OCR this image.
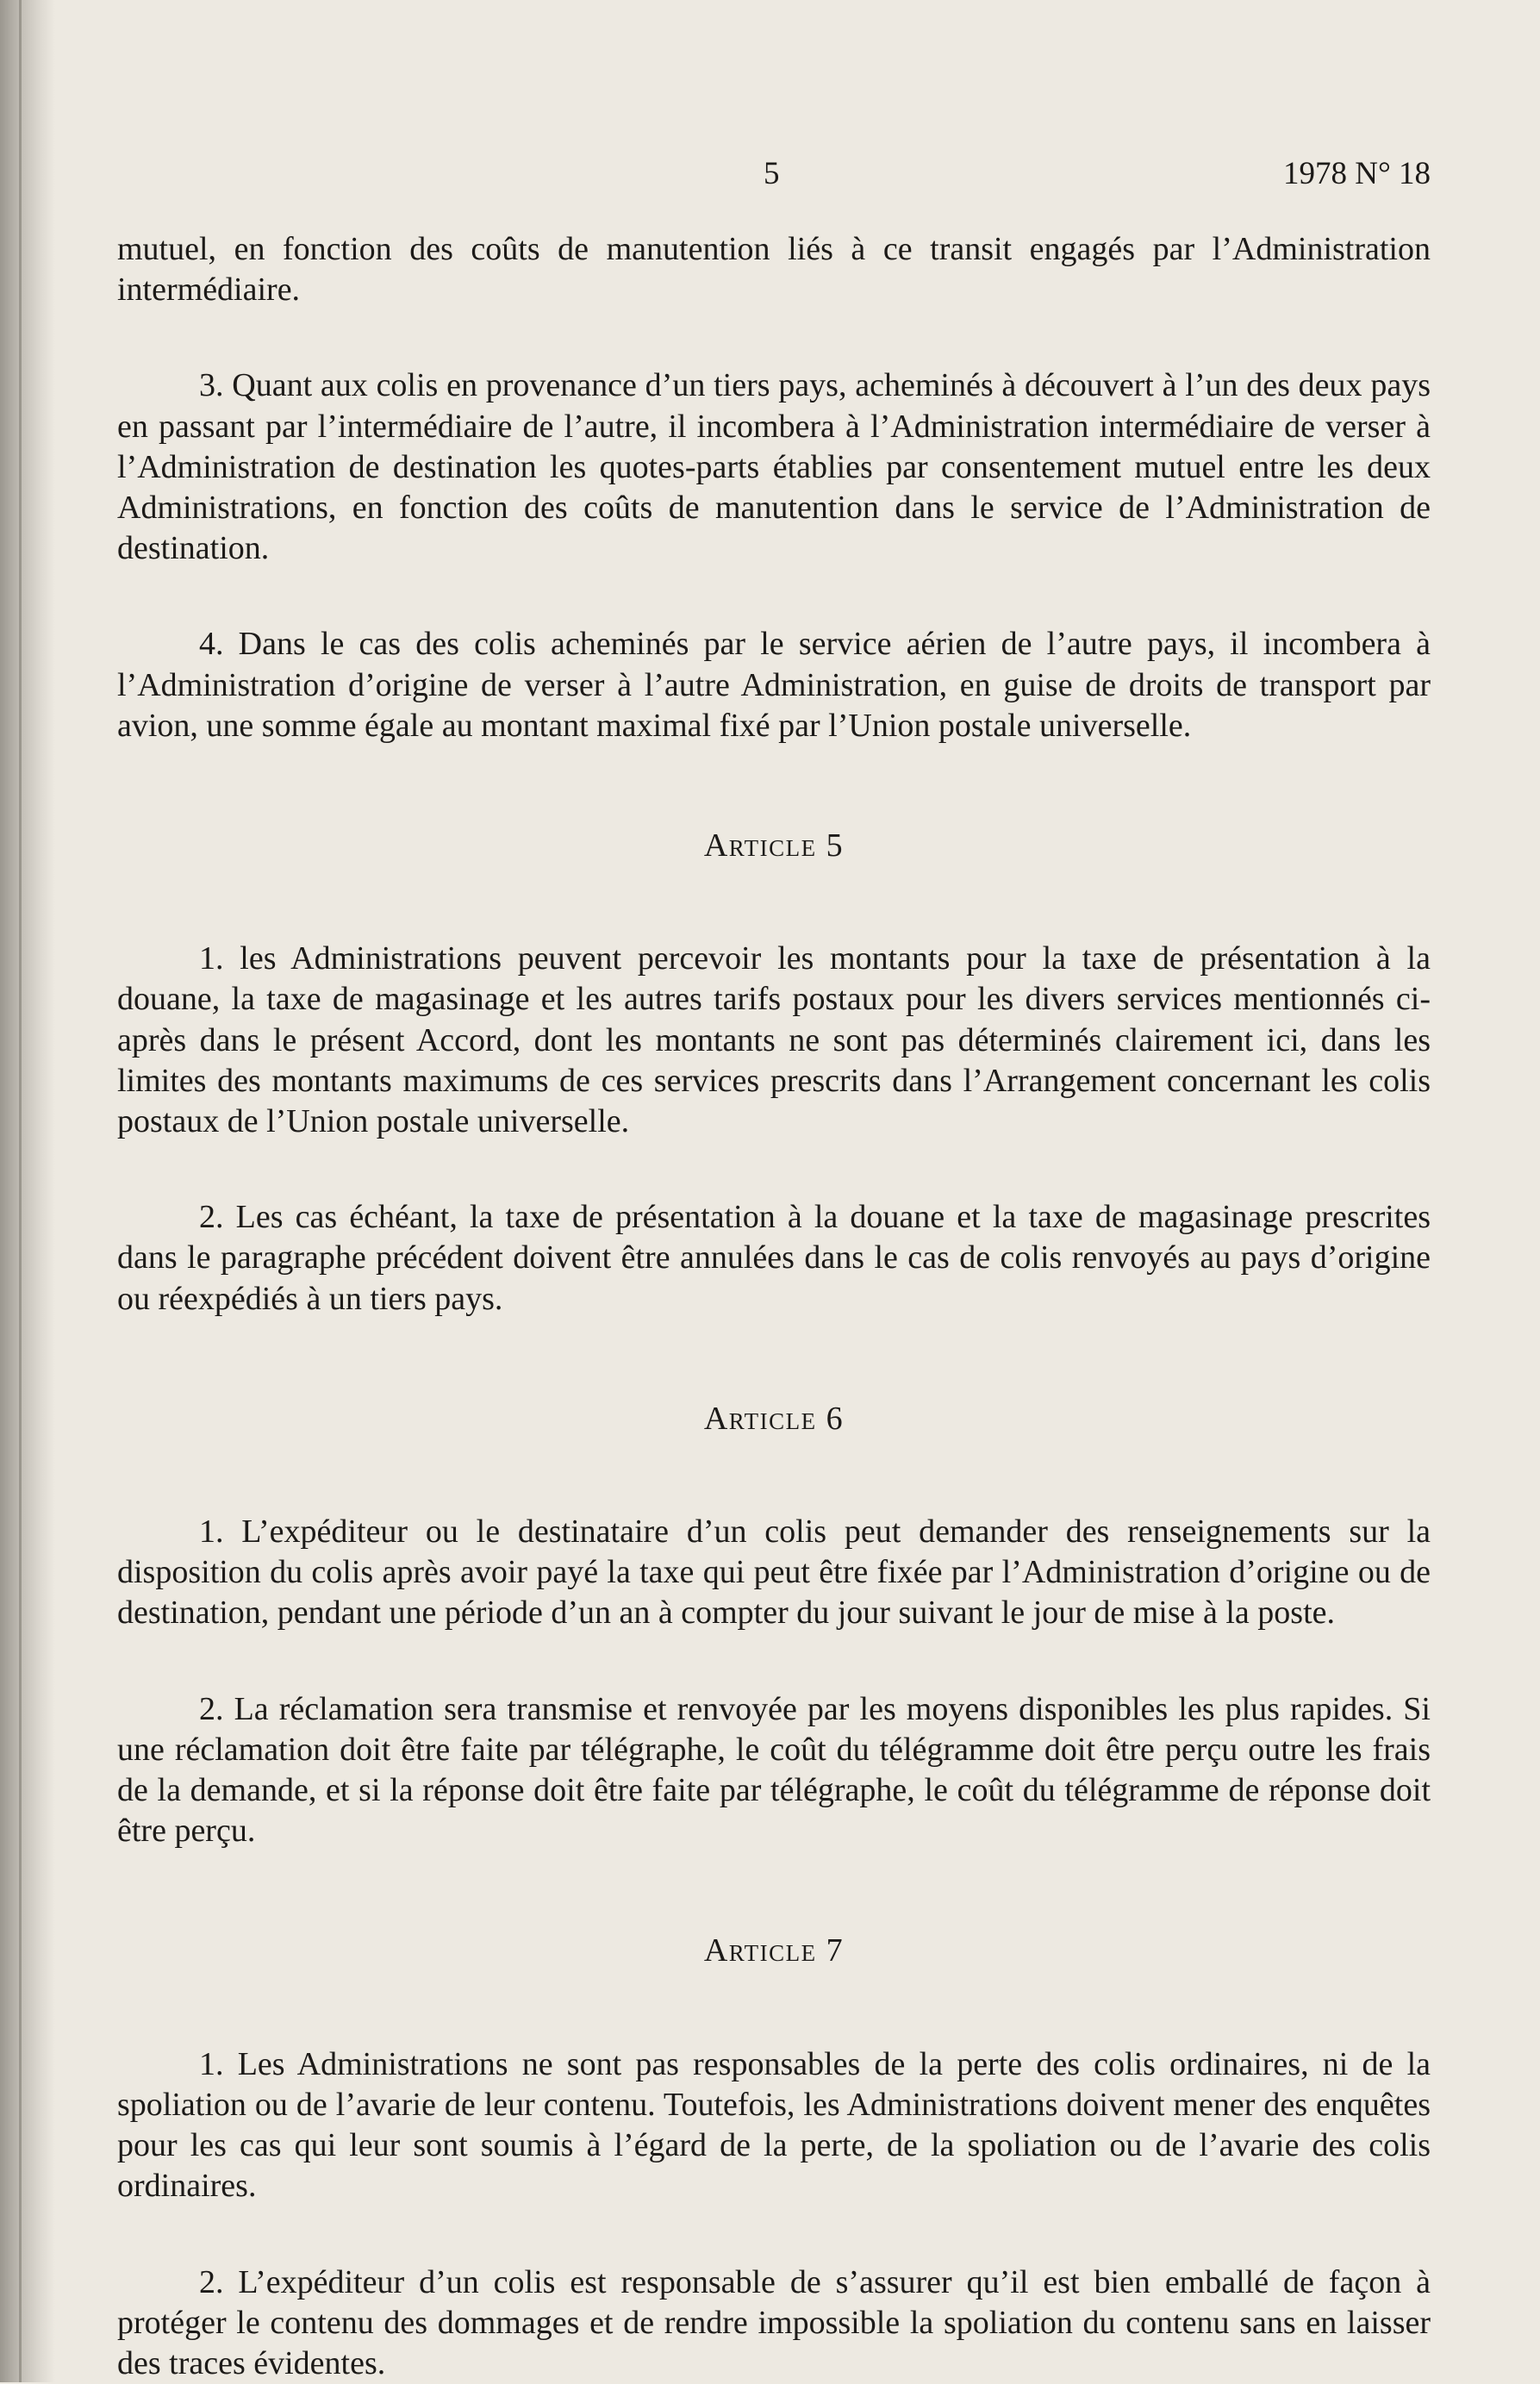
5	1978 N° 18

mutuel, en fonction des coûts de manutention liés à ce transit engagés par l’Administration intermédiaire.

3. Quant aux colis en provenance d’un tiers pays, acheminés à découvert à l’un des deux pays en passant par l’intermédiaire de l’autre, il incombera à l’Administration intermédiaire de verser à l’Administration de destination les quotes-parts établies par consentement mutuel entre les deux Administrations, en fonction des coûts de manutention dans le service de l’Administration de destination.

4. Dans le cas des colis acheminés par le service aérien de l’autre pays, il incombera à l’Administration d’origine de verser à l’autre Administration, en guise de droits de transport par avion, une somme égale au montant maximal fixé par l’Union postale universelle.

Article 5

1. les Administrations peuvent percevoir les montants pour la taxe de présentation à la douane, la taxe de magasinage et les autres tarifs postaux pour les divers services mentionnés ci-après dans le présent Accord, dont les montants ne sont pas déterminés clairement ici, dans les limites des montants maximums de ces services prescrits dans l’Arrangement concernant les colis postaux de l’Union postale universelle.

2. Les cas échéant, la taxe de présentation à la douane et la taxe de magasinage prescrites dans le paragraphe précédent doivent être annulées dans le cas de colis renvoyés au pays d’origine ou réexpédiés à un tiers pays.

Article 6

1. L’expéditeur ou le destinataire d’un colis peut demander des renseignements sur la disposition du colis après avoir payé la taxe qui peut être fixée par l’Administration d’origine ou de destination, pendant une période d’un an à compter du jour suivant le jour de mise à la poste.

2. La réclamation sera transmise et renvoyée par les moyens disponibles les plus rapides. Si une réclamation doit être faite par télégraphe, le coût du télégramme doit être perçu outre les frais de la demande, et si la réponse doit être faite par télégraphe, le coût du télégramme de réponse doit être perçu.

Article 7

1. Les Administrations ne sont pas responsables de la perte des colis ordinaires, ni de la spoliation ou de l’avarie de leur contenu. Toutefois, les Administrations doivent mener des enquêtes pour les cas qui leur sont soumis à l’égard de la perte, de la spoliation ou de l’avarie des colis ordinaires.

2. L’expéditeur d’un colis est responsable de s’assurer qu’il est bien emballé de façon à protéger le contenu des dommages et de rendre impossible la spoliation du contenu sans en laisser des traces évidentes.
